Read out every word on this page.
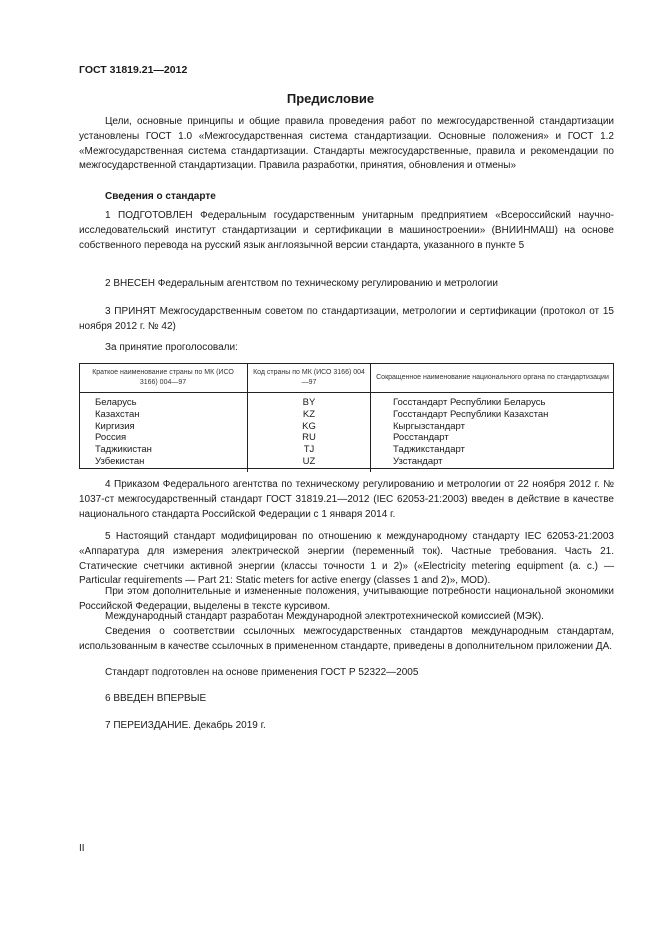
ГОСТ 31819.21—2012
Предисловие

Цели, основные принципы и общие правила проведения работ по межгосударственной стандартизации установлены ГОСТ 1.0 «Межгосударственная система стандартизации. Основные положения» и ГОСТ 1.2 «Межгосударственная система стандартизации. Стандарты межгосударственные, правила и рекомендации по межгосударственной стандартизации. Правила разработки, принятия, обновления и отмены»

Сведения о стандарте

1 ПОДГОТОВЛЕН Федеральным государственным унитарным предприятием «Всероссийский научно-исследовательский институт стандартизации и сертификации в машиностроении» (ВНИИНМАШ) на основе собственного перевода на русский язык англоязычной версии стандарта, указанного в пункте 5

2 ВНЕСЕН Федеральным агентством по техническому регулированию и метрологии

3 ПРИНЯТ Межгосударственным советом по стандартизации, метрологии и сертификации (протокол от 15 ноября 2012 г. № 42)

За принятие проголосовали:

Краткое наименование страны по МК (ИСО 3166) 004—97	Код страны по МК (ИСО 3166) 004—97	Сокращенное наименование национального органа по стандартизации
Беларусь	BY	Госстандарт Республики Беларусь
Казахстан	KZ	Госстандарт Республики Казахстан
Киргизия	KG	Кыргызстандарт
Россия	RU	Росстандарт
Таджикистан	TJ	Таджикстандарт
Узбекистан	UZ	Узстандарт

4 Приказом Федерального агентства по техническому регулированию и метрологии от 22 ноября 2012 г. № 1037-ст межгосударственный стандарт ГОСТ 31819.21—2012 (IEC 62053-21:2003) введен в действие в качестве национального стандарта Российской Федерации с 1 января 2014 г.

5 Настоящий стандарт модифицирован по отношению к международному стандарту IEC 62053-21:2003 «Аппаратура для измерения электрической энергии (переменный ток). Частные требования. Часть 21. Статические счетчики активной энергии (классы точности 1 и 2)» («Electricity metering equipment (a. c.) — Particular requirements — Part 21: Static meters for active energy (classes 1 and 2)», MOD).

При этом дополнительные и измененные положения, учитывающие потребности национальной экономики Российской Федерации, выделены в тексте курсивом.

Международный стандарт разработан Международной электротехнической комиссией (МЭК).

Сведения о соответствии ссылочных межгосударственных стандартов международным стандартам, использованным в качестве ссылочных в примененном стандарте, приведены в дополнительном приложении ДА.

Стандарт подготовлен на основе применения ГОСТ Р 52322—2005

6 ВВЕДЕН ВПЕРВЫЕ

7 ПЕРЕИЗДАНИЕ. Декабрь 2019 г.

II
